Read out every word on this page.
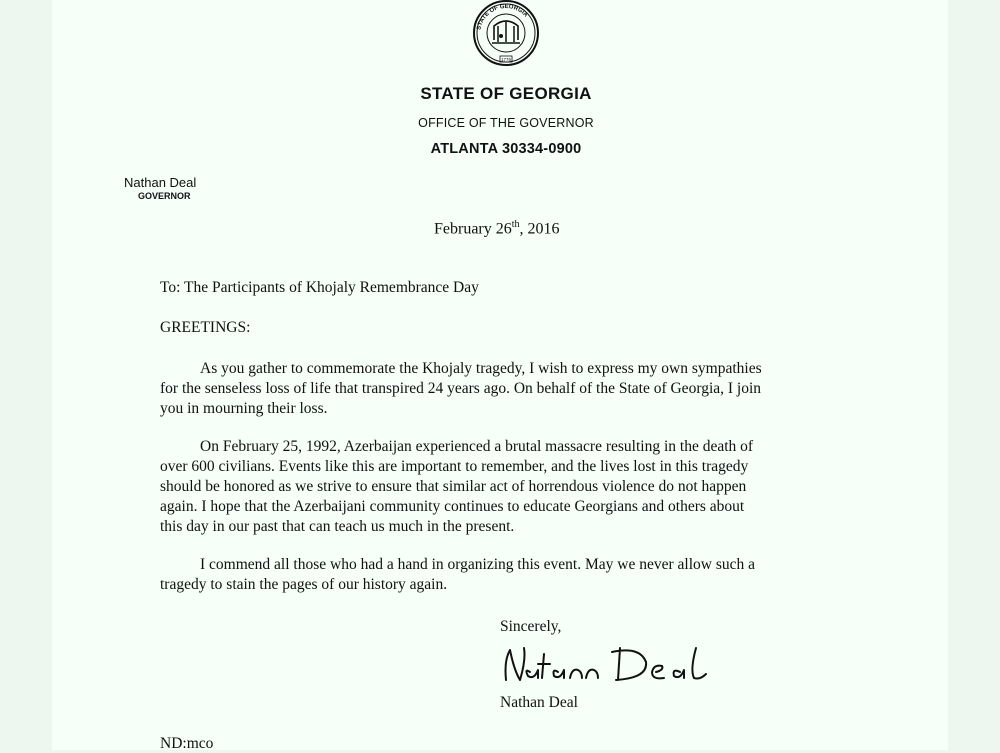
STATE OF GEORGIA
1776
STATE OF GEORGIA
OFFICE OF THE GOVERNOR
ATLANTA 30334-0900
Nathan Deal
GOVERNOR
February 26th, 2016
To: The Participants of Khojaly Remembrance Day
GREETINGS:
As you gather to commemorate the Khojaly tragedy, I wish to express my own sympathies
for the senseless loss of life that transpired 24 years ago. On behalf of the State of Georgia, I join
you in mourning their loss.
On February 25, 1992, Azerbaijan experienced a brutal massacre resulting in the death of
over 600 civilians. Events like this are important to remember, and the lives lost in this tragedy
should be honored as we strive to ensure that similar act of horrendous violence do not happen
again. I hope that the Azerbaijani community continues to educate Georgians and others about
this day in our past that can teach us much in the present.
I commend all those who had a hand in organizing this event. May we never allow such a
tragedy to stain the pages of our history again.
Sincerely,
Nathan Deal
ND:mco
